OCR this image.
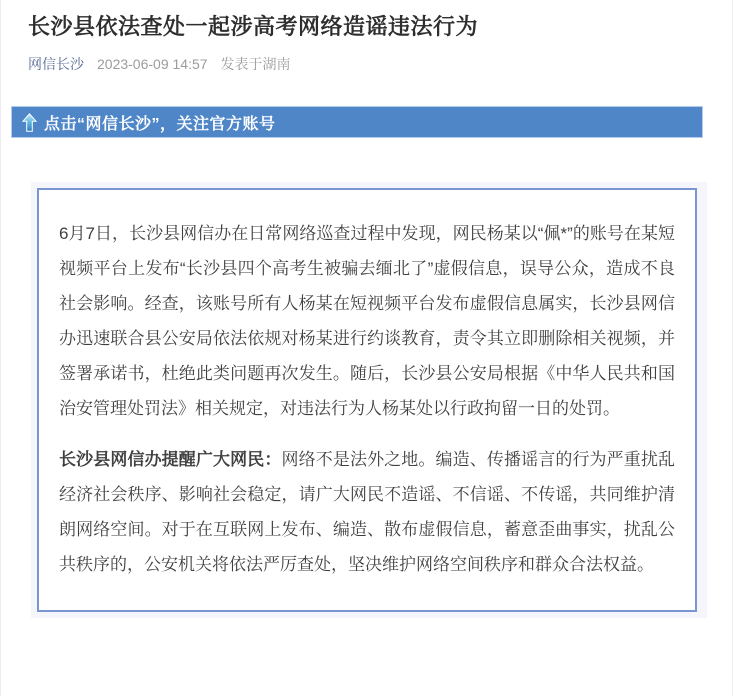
长沙县依法查处一起涉高考网络造谣违法行为
网信长沙 2023-06-09 14:57 发表于湖南
点击“网信长沙”，关注官方账号

6月7日，长沙县网信办在日常网络巡查过程中发现，网民杨某以“佩*”的账号在某短视频平台上发布“长沙县四个高考生被骗去缅北了”虚假信息，误导公众，造成不良社会影响。经查，该账号所有人杨某在短视频平台发布虚假信息属实，长沙县网信办迅速联合县公安局依法依规对杨某进行约谈教育，责令其立即删除相关视频，并签署承诺书，杜绝此类问题再次发生。随后，长沙县公安局根据《中华人民共和国治安管理处罚法》相关规定，对违法行为人杨某处以行政拘留一日的处罚。

长沙县网信办提醒广大网民：网络不是法外之地。编造、传播谣言的行为严重扰乱经济社会秩序、影响社会稳定，请广大网民不造谣、不信谣、不传谣，共同维护清朗网络空间。对于在互联网上发布、编造、散布虚假信息，蓄意歪曲事实，扰乱公共秩序的，公安机关将依法严厉查处，坚决维护网络空间秩序和群众合法权益。
